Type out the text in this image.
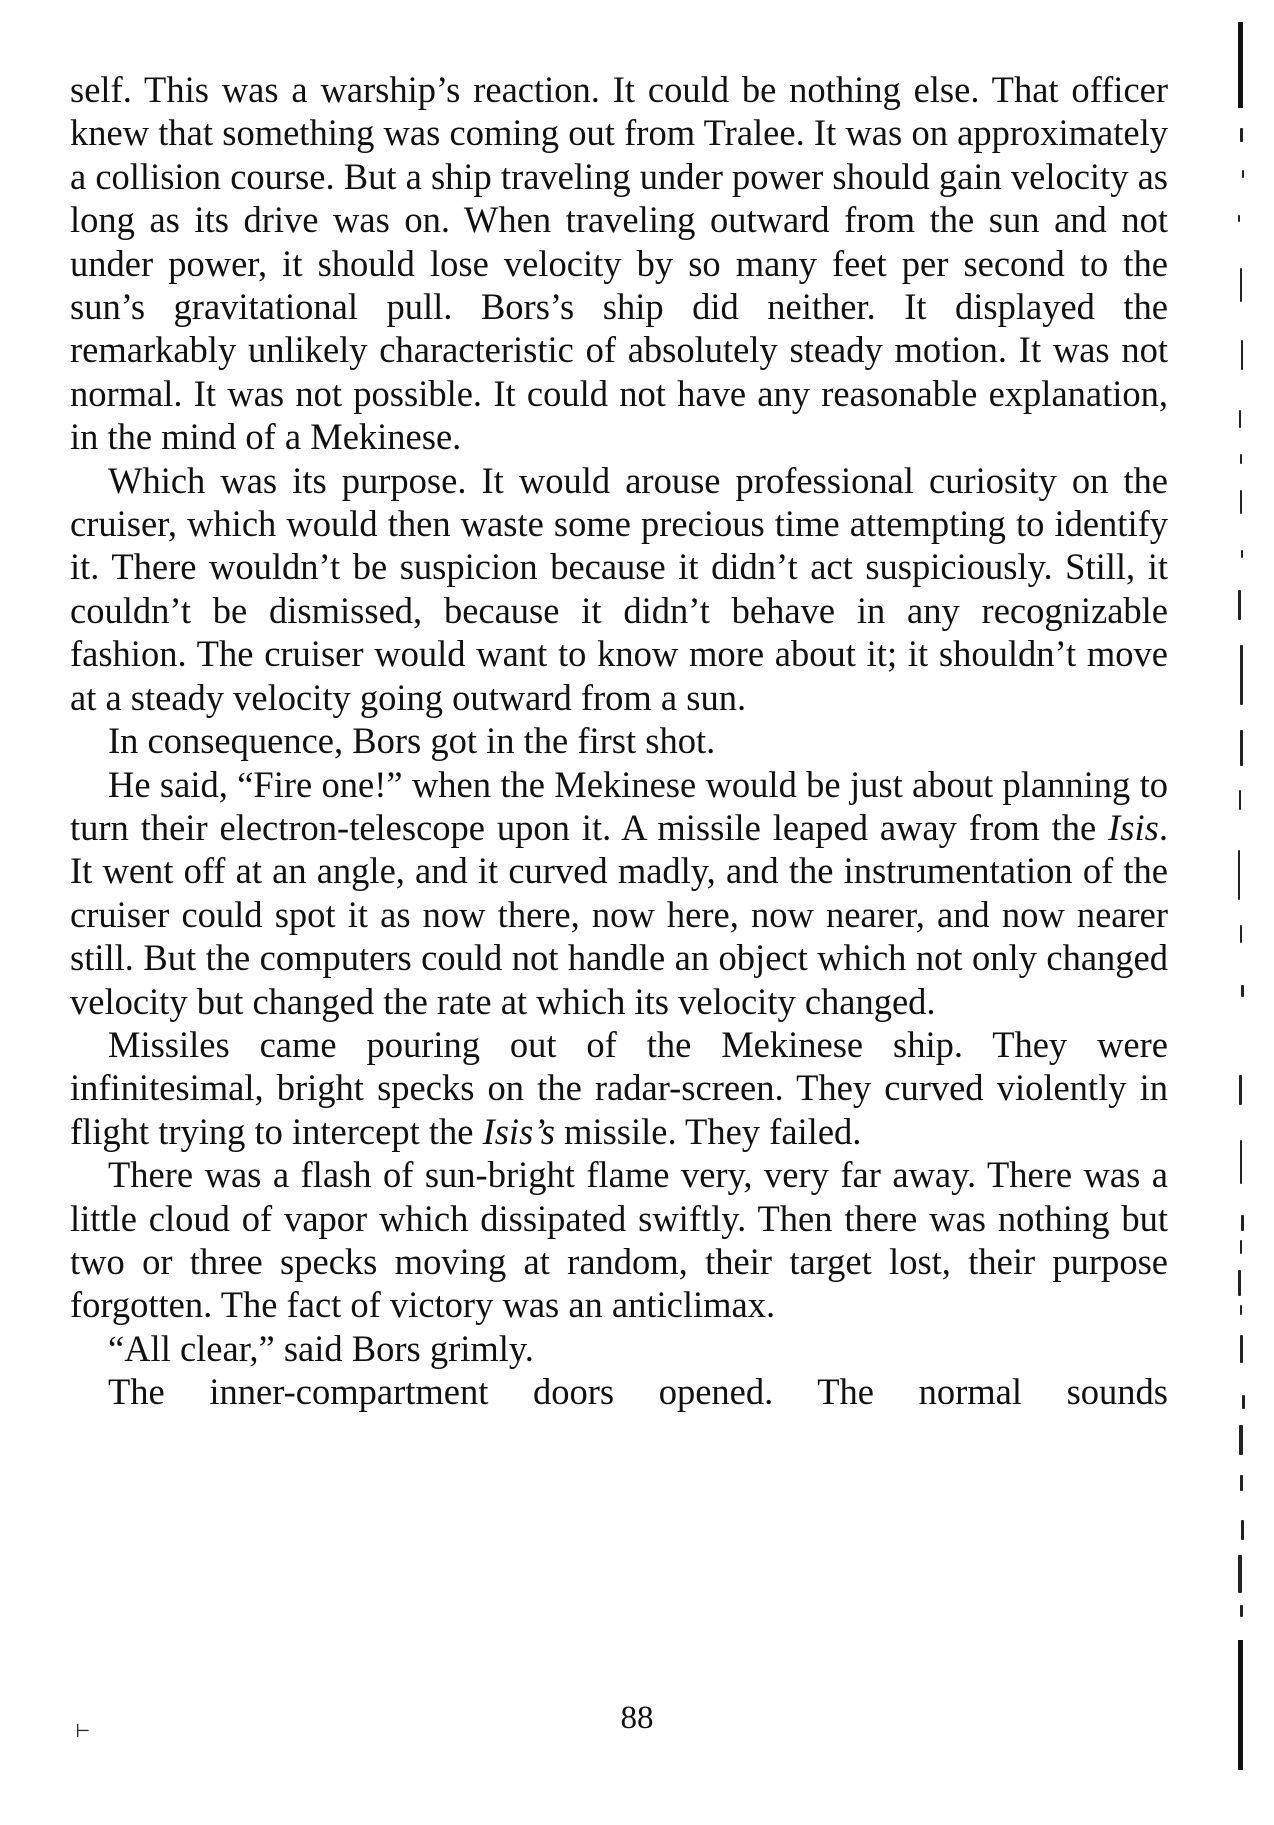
self. This was a warship’s reaction. It could be nothing else. That officer knew that something was coming out from Tralee. It was on approximately a collision course. But a ship traveling under power should gain velocity as long as its drive was on. When traveling outward from the sun and not under power, it should lose velocity by so many feet per second to the sun’s gravitational pull. Bors’s ship did neither. It displayed the remarkably unlikely characteristic of absolutely steady motion. It was not normal. It was not possible. It could not have any reasonable explanation, in the mind of a Mekinese.

Which was its purpose. It would arouse professional curiosity on the cruiser, which would then waste some precious time attempting to identify it. There wouldn’t be suspicion because it didn’t act suspiciously. Still, it couldn’t be dismissed, because it didn’t behave in any recognizable fashion. The cruiser would want to know more about it; it shouldn’t move at a steady velocity going outward from a sun.

In consequence, Bors got in the first shot.

He said, “Fire one!” when the Mekinese would be just about planning to turn their electron-telescope upon it. A missile leaped away from the Isis. It went off at an angle, and it curved madly, and the instrumentation of the cruiser could spot it as now there, now here, now nearer, and now nearer still. But the computers could not handle an object which not only changed velocity but changed the rate at which its velocity changed.

Missiles came pouring out of the Mekinese ship. They were infinitesimal, bright specks on the radar-screen. They curved violently in flight trying to intercept the Isis’s missile. They failed.

There was a flash of sun-bright flame very, very far away. There was a little cloud of vapor which dissipated swiftly. Then there was nothing but two or three specks moving at random, their target lost, their purpose forgotten. The fact of victory was an anticlimax.

“All clear,” said Bors grimly.

The inner-compartment doors opened. The normal sounds

88
⊢
